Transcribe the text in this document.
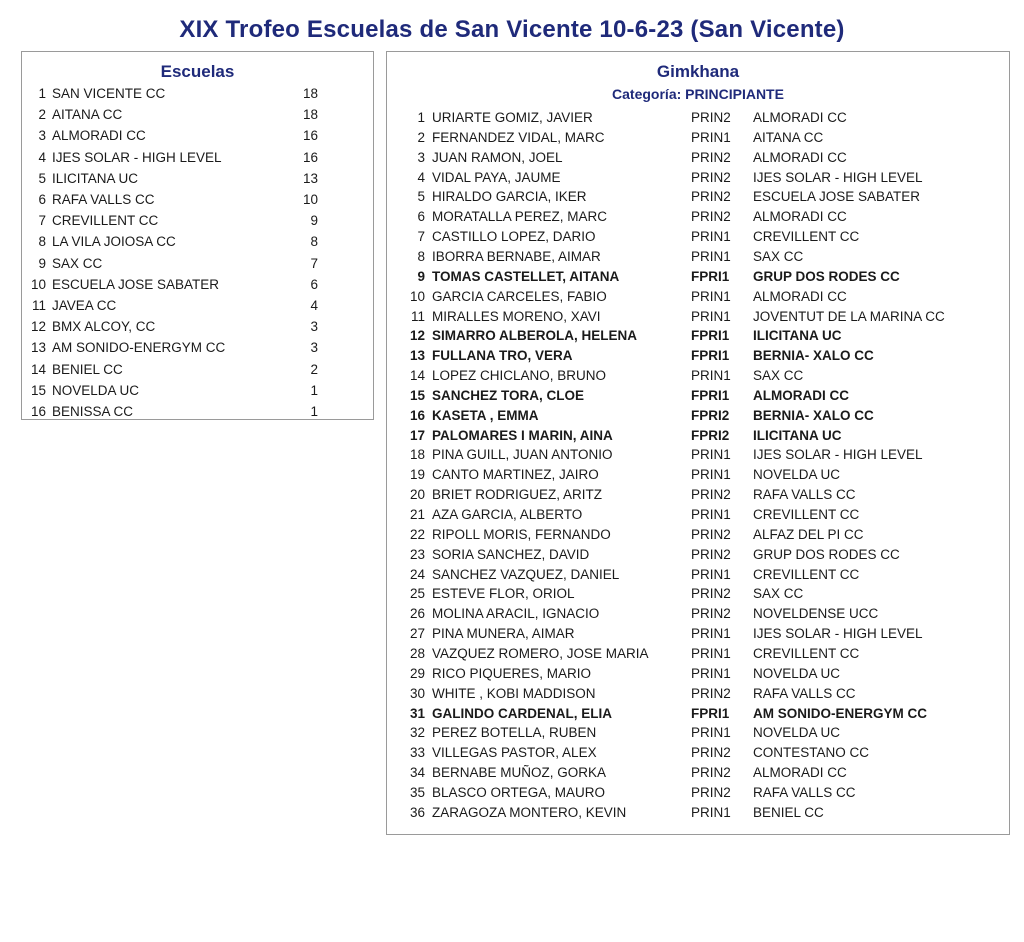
XIX Trofeo Escuelas de San Vicente 10-6-23 (San Vicente)
Escuelas
1 SAN VICENTE CC	18
2 AITANA CC	18
3 ALMORADI CC	16
4 IJES SOLAR - HIGH LEVEL	16
5 ILICITANA UC	13
6 RAFA VALLS CC	10
7 CREVILLENT CC	9
8 LA VILA JOIOSA CC	8
9 SAX CC	7
10 ESCUELA JOSE SABATER	6
11 JAVEA CC	4
12 BMX ALCOY, CC	3
13 AM SONIDO-ENERGYM CC	3
14 BENIEL CC	2
15 NOVELDA UC	1
16 BENISSA CC	1
Gimkhana
Categoría: PRINCIPIANTE
1 URIARTE GOMIZ, JAVIER	PRIN2 ALMORADI CC
2 FERNANDEZ VIDAL, MARC	PRIN1 AITANA CC
3 JUAN RAMON, JOEL	PRIN2 ALMORADI CC
4 VIDAL PAYA, JAUME	PRIN2 IJES SOLAR - HIGH LEVEL
5 HIRALDO GARCIA, IKER	PRIN2 ESCUELA JOSE SABATER
6 MORATALLA PEREZ, MARC	PRIN2 ALMORADI CC
7 CASTILLO LOPEZ, DARIO	PRIN1 CREVILLENT CC
8 IBORRA BERNABE, AIMAR	PRIN1 SAX CC
9 TOMAS CASTELLET, AITANA	FPRI1 GRUP DOS RODES CC
10 GARCIA CARCELES, FABIO	PRIN1 ALMORADI CC
11 MIRALLES MORENO, XAVI	PRIN1 JOVENTUT DE LA MARINA CC
12 SIMARRO ALBEROLA, HELENA	FPRI1 ILICITANA UC
13 FULLANA TRO, VERA	FPRI1 BERNIA- XALO CC
14 LOPEZ CHICLANO, BRUNO	PRIN1 SAX CC
15 SANCHEZ TORA, CLOE	FPRI1 ALMORADI CC
16 KASETA , EMMA	FPRI2 BERNIA- XALO CC
17 PALOMARES I MARIN, AINA	FPRI2 ILICITANA UC
18 PINA GUILL, JUAN ANTONIO	PRIN1 IJES SOLAR - HIGH LEVEL
19 CANTO MARTINEZ, JAIRO	PRIN1 NOVELDA UC
20 BRIET RODRIGUEZ, ARITZ	PRIN2 RAFA VALLS CC
21 AZA GARCIA, ALBERTO	PRIN1 CREVILLENT CC
22 RIPOLL MORIS, FERNANDO	PRIN2 ALFAZ DEL PI CC
23 SORIA SANCHEZ, DAVID	PRIN2 GRUP DOS RODES CC
24 SANCHEZ VAZQUEZ, DANIEL	PRIN1 CREVILLENT CC
25 ESTEVE FLOR, ORIOL	PRIN2 SAX CC
26 MOLINA ARACIL, IGNACIO	PRIN2 NOVELDENSE UCC
27 PINA MUNERA, AIMAR	PRIN1 IJES SOLAR - HIGH LEVEL
28 VAZQUEZ ROMERO, JOSE MARIA	PRIN1 CREVILLENT CC
29 RICO PIQUERES, MARIO	PRIN1 NOVELDA UC
30 WHITE , KOBI MADDISON	PRIN2 RAFA VALLS CC
31 GALINDO CARDENAL, ELIA	FPRI1 AM SONIDO-ENERGYM CC
32 PEREZ BOTELLA, RUBEN	PRIN1 NOVELDA UC
33 VILLEGAS PASTOR, ALEX	PRIN2 CONTESTANO CC
34 BERNABE MUÑOZ, GORKA	PRIN2 ALMORADI CC
35 BLASCO ORTEGA, MAURO	PRIN2 RAFA VALLS CC
36 ZARAGOZA MONTERO, KEVIN	PRIN1 BENIEL CC
